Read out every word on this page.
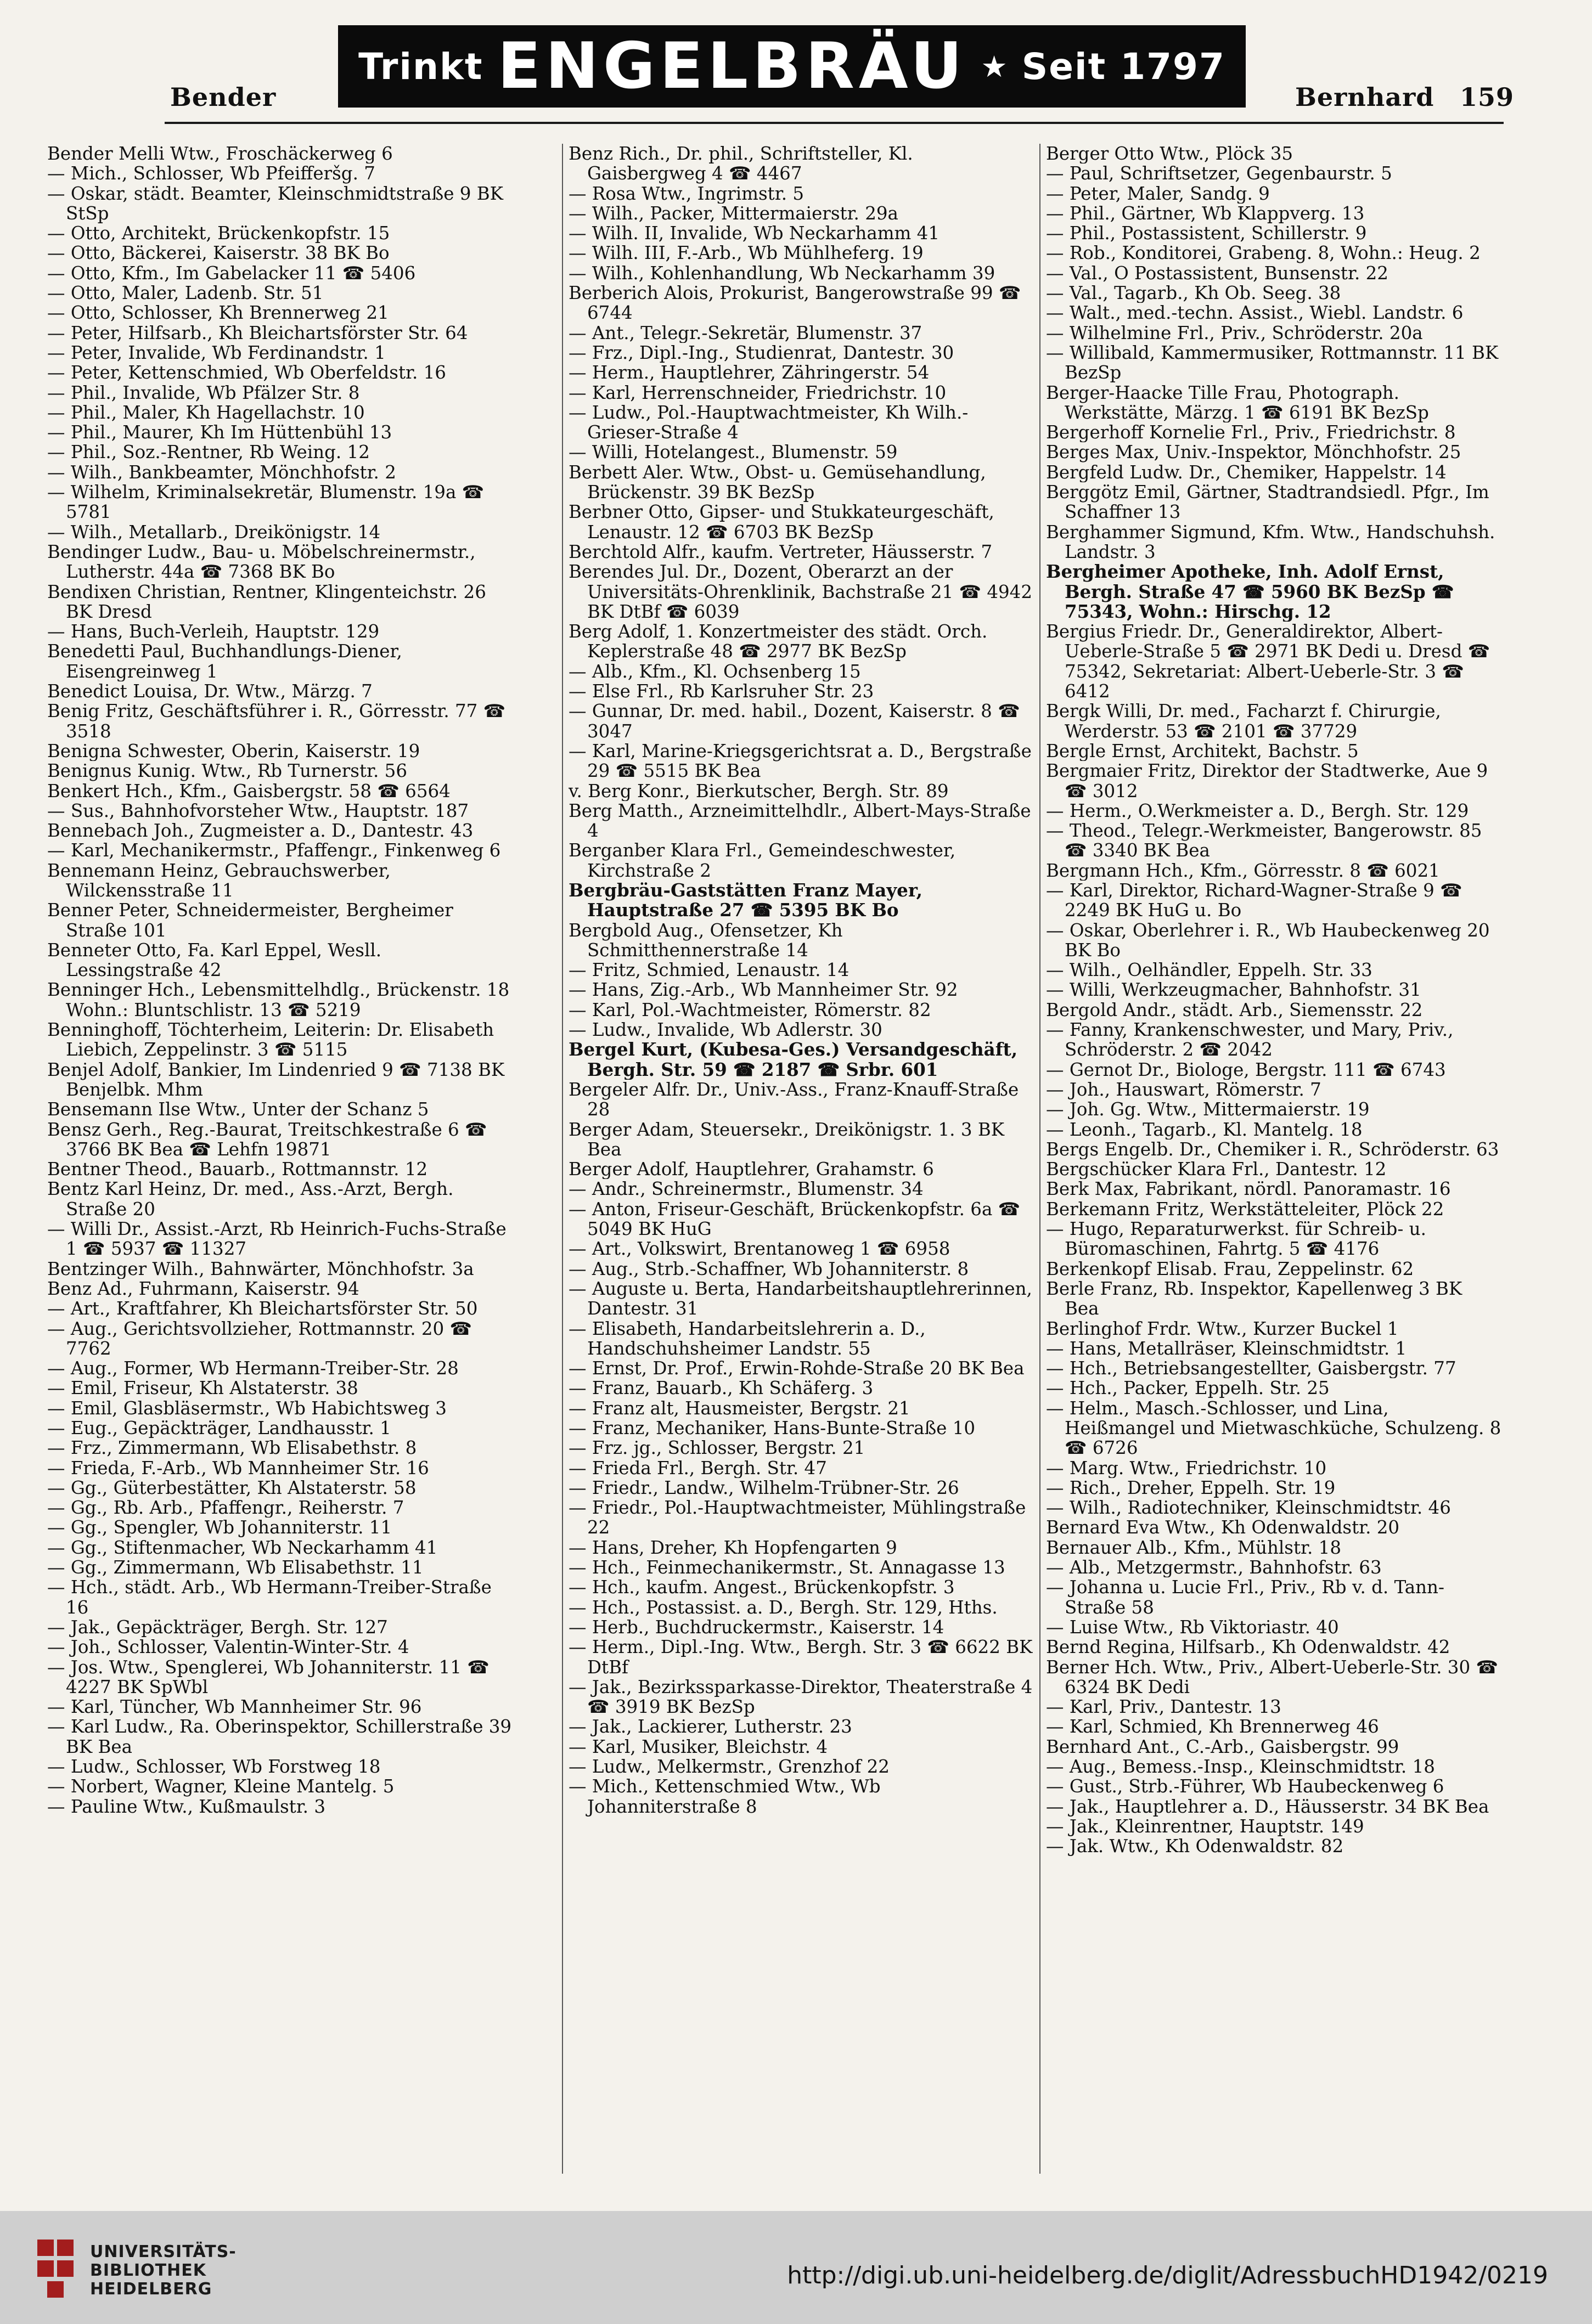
Bender
Trinkt ENGELBRÄU ★ Seit 1797
Bernhard 159

Bender Melli Wtw., Froschäckerweg 6

— Mich., Schlosser, Wb Pfeifferšg. 7

— Oskar, städt. Beamter, Kleinschmidtstraße 9 BK StSp

— Otto, Architekt, Brückenkopfstr. 15

— Otto, Bäckerei, Kaiserstr. 38 BK Bo

— Otto, Kfm., Im Gabelacker 11 ☎ 5406

— Otto, Maler, Ladenb. Str. 51

— Otto, Schlosser, Kh Brennerweg 21

— Peter, Hilfsarb., Kh Bleichartsförster Str. 64

— Peter, Invalide, Wb Ferdinandstr. 1

— Peter, Kettenschmied, Wb Oberfeldstr. 16

— Phil., Invalide, Wb Pfälzer Str. 8

— Phil., Maler, Kh Hagellachstr. 10

— Phil., Maurer, Kh Im Hüttenbühl 13

— Phil., Soz.-Rentner, Rb Weing. 12

— Wilh., Bankbeamter, Mönchhofstr. 2

— Wilhelm, Kriminalsekretär, Blumenstr. 19a ☎ 5781

— Wilh., Metallarb., Dreikönigstr. 14

Bendinger Ludw., Bau- u. Möbelschreinermstr., Lutherstr. 44a ☎ 7368 BK Bo

Bendixen Christian, Rentner, Klingenteichstr. 26 BK Dresd

— Hans, Buch-Verleih, Hauptstr. 129

Benedetti Paul, Buchhandlungs-Diener, Eisengreinweg 1

Benedict Louisa, Dr. Wtw., Märzg. 7

Benig Fritz, Geschäftsführer i. R., Görresstr. 77 ☎ 3518

Benigna Schwester, Oberin, Kaiserstr. 19

Benignus Kunig. Wtw., Rb Turnerstr. 56

Benkert Hch., Kfm., Gaisbergstr. 58 ☎ 6564

— Sus., Bahnhofvorsteher Wtw., Hauptstr. 187

Bennebach Joh., Zugmeister a. D., Dantestr. 43

— Karl, Mechanikermstr., Pfaffengr., Finkenweg 6

Bennemann Heinz, Gebrauchswerber, Wilckensstraße 11

Benner Peter, Schneidermeister, Bergheimer Straße 101

Benneter Otto, Fa. Karl Eppel, Wesll. Lessingstraße 42

Benninger Hch., Lebensmittelhdlg., Brückenstr. 18 Wohn.: Bluntschlistr. 13 ☎ 5219

Benninghoff, Töchterheim, Leiterin: Dr. Elisabeth Liebich, Zeppelinstr. 3 ☎ 5115

Benjel Adolf, Bankier, Im Lindenried 9 ☎ 7138 BK Benjelbk. Mhm

Bensemann Ilse Wtw., Unter der Schanz 5

Bensz Gerh., Reg.-Baurat, Treitschkestraße 6 ☎ 3766 BK Bea ☎ Lehfn 19871

Bentner Theod., Bauarb., Rottmannstr. 12

Bentz Karl Heinz, Dr. med., Ass.-Arzt, Bergh. Straße 20

— Willi Dr., Assist.-Arzt, Rb Heinrich-Fuchs-Straße 1 ☎ 5937 ☎ 11327

Bentzinger Wilh., Bahnwärter, Mönchhofstr. 3a

Benz Ad., Fuhrmann, Kaiserstr. 94

— Art., Kraftfahrer, Kh Bleichartsförster Str. 50

— Aug., Gerichtsvollzieher, Rottmannstr. 20 ☎ 7762

— Aug., Former, Wb Hermann-Treiber-Str. 28

— Emil, Friseur, Kh Alstaterstr. 38

— Emil, Glasbläsermstr., Wb Habichtsweg 3

— Eug., Gepäckträger, Landhausstr. 1

— Frz., Zimmermann, Wb Elisabethstr. 8

— Frieda, F.-Arb., Wb Mannheimer Str. 16

— Gg., Güterbestätter, Kh Alstaterstr. 58

— Gg., Rb. Arb., Pfaffengr., Reiherstr. 7

— Gg., Spengler, Wb Johanniterstr. 11

— Gg., Stiftenmacher, Wb Neckarhamm 41

— Gg., Zimmermann, Wb Elisabethstr. 11

— Hch., städt. Arb., Wb Hermann-Treiber-Straße 16

— Jak., Gepäckträger, Bergh. Str. 127

— Joh., Schlosser, Valentin-Winter-Str. 4

— Jos. Wtw., Spenglerei, Wb Johanniterstr. 11 ☎ 4227 BK SpWbl

— Karl, Tüncher, Wb Mannheimer Str. 96

— Karl Ludw., Ra. Oberinspektor, Schillerstraße 39 BK Bea

— Ludw., Schlosser, Wb Forstweg 18

— Norbert, Wagner, Kleine Mantelg. 5

— Pauline Wtw., Kußmaulstr. 3

Benz Rich., Dr. phil., Schriftsteller, Kl. Gaisbergweg 4 ☎ 4467

— Rosa Wtw., Ingrimstr. 5

— Wilh., Packer, Mittermaierstr. 29a

— Wilh. II, Invalide, Wb Neckarhamm 41

— Wilh. III, F.-Arb., Wb Mühlheferg. 19

— Wilh., Kohlenhandlung, Wb Neckarhamm 39

Berberich Alois, Prokurist, Bangerowstraße 99 ☎ 6744

— Ant., Telegr.-Sekretär, Blumenstr. 37

— Frz., Dipl.-Ing., Studienrat, Dantestr. 30

— Herm., Hauptlehrer, Zähringerstr. 54

— Karl, Herrenschneider, Friedrichstr. 10

— Ludw., Pol.-Hauptwachtmeister, Kh Wilh.-Grieser-Straße 4

— Willi, Hotelangest., Blumenstr. 59

Berbett Aler. Wtw., Obst- u. Gemüsehandlung, Brückenstr. 39 BK BezSp

Berbner Otto, Gipser- und Stukkateurgeschäft, Lenaustr. 12 ☎ 6703 BK BezSp

Berchtold Alfr., kaufm. Vertreter, Häusserstr. 7

Berendes Jul. Dr., Dozent, Oberarzt an der Universitäts-Ohrenklinik, Bachstraße 21 ☎ 4942 BK DtBf ☎ 6039

Berg Adolf, 1. Konzertmeister des städt. Orch. Keplerstraße 48 ☎ 2977 BK BezSp

— Alb., Kfm., Kl. Ochsenberg 15

— Else Frl., Rb Karlsruher Str. 23

— Gunnar, Dr. med. habil., Dozent, Kaiserstr. 8 ☎ 3047

— Karl, Marine-Kriegsgerichtsrat a. D., Bergstraße 29 ☎ 5515 BK Bea

v. Berg Konr., Bierkutscher, Bergh. Str. 89

Berg Matth., Arzneimittelhdlr., Albert-Mays-Straße 4

Berganber Klara Frl., Gemeindeschwester, Kirchstraße 2

Bergbräu-Gaststätten Franz Mayer, Hauptstraße 27 ☎ 5395 BK Bo

Bergbold Aug., Ofensetzer, Kh Schmitthennerstraße 14

— Fritz, Schmied, Lenaustr. 14

— Hans, Zig.-Arb., Wb Mannheimer Str. 92

— Karl, Pol.-Wachtmeister, Römerstr. 82

— Ludw., Invalide, Wb Adlerstr. 30

Bergel Kurt, (Kubesa-Ges.) Versandgeschäft, Bergh. Str. 59 ☎ 2187 ☎ Srbr. 601

Bergeler Alfr. Dr., Univ.-Ass., Franz-Knauff-Straße 28

Berger Adam, Steuersekr., Dreikönigstr. 1. 3 BK Bea

Berger Adolf, Hauptlehrer, Grahamstr. 6

— Andr., Schreinermstr., Blumenstr. 34

— Anton, Friseur-Geschäft, Brückenkopfstr. 6a ☎ 5049 BK HuG

— Art., Volkswirt, Brentanoweg 1 ☎ 6958

— Aug., Strb.-Schaffner, Wb Johanniterstr. 8

— Auguste u. Berta, Handarbeitshauptlehrerinnen, Dantestr. 31

— Elisabeth, Handarbeitslehrerin a. D., Handschuhsheimer Landstr. 55

— Ernst, Dr. Prof., Erwin-Rohde-Straße 20 BK Bea

— Franz, Bauarb., Kh Schäferg. 3

— Franz alt, Hausmeister, Bergstr. 21

— Franz, Mechaniker, Hans-Bunte-Straße 10

— Frz. jg., Schlosser, Bergstr. 21

— Frieda Frl., Bergh. Str. 47

— Friedr., Landw., Wilhelm-Trübner-Str. 26

— Friedr., Pol.-Hauptwachtmeister, Mühlingstraße 22

— Hans, Dreher, Kh Hopfengarten 9

— Hch., Feinmechanikermstr., St. Annagasse 13

— Hch., kaufm. Angest., Brückenkopfstr. 3

— Hch., Postassist. a. D., Bergh. Str. 129, Hths.

— Herb., Buchdruckermstr., Kaiserstr. 14

— Herm., Dipl.-Ing. Wtw., Bergh. Str. 3 ☎ 6622 BK DtBf

— Jak., Bezirkssparkasse-Direktor, Theaterstraße 4 ☎ 3919 BK BezSp

— Jak., Lackierer, Lutherstr. 23

— Karl, Musiker, Bleichstr. 4

— Ludw., Melkermstr., Grenzhof 22

— Mich., Kettenschmied Wtw., Wb Johanniterstraße 8

Berger Otto Wtw., Plöck 35

— Paul, Schriftsetzer, Gegenbaurstr. 5

— Peter, Maler, Sandg. 9

— Phil., Gärtner, Wb Klappverg. 13

— Phil., Postassistent, Schillerstr. 9

— Rob., Konditorei, Grabeng. 8, Wohn.: Heug. 2

— Val., O Postassistent, Bunsenstr. 22

— Val., Tagarb., Kh Ob. Seeg. 38

— Walt., med.-techn. Assist., Wiebl. Landstr. 6

— Wilhelmine Frl., Priv., Schröderstr. 20a

— Willibald, Kammermusiker, Rottmannstr. 11 BK BezSp

Berger-Haacke Tille Frau, Photograph. Werkstätte, Märzg. 1 ☎ 6191 BK BezSp

Bergerhoff Kornelie Frl., Priv., Friedrichstr. 8

Berges Max, Univ.-Inspektor, Mönchhofstr. 25

Bergfeld Ludw. Dr., Chemiker, Happelstr. 14

Berggötz Emil, Gärtner, Stadtrandsiedl. Pfgr., Im Schaffner 13

Berghammer Sigmund, Kfm. Wtw., Handschuhsh. Landstr. 3

Bergheimer Apotheke, Inh. Adolf Ernst, Bergh. Straße 47 ☎ 5960 BK BezSp ☎ 75343, Wohn.: Hirschg. 12

Bergius Friedr. Dr., Generaldirektor, Albert-Ueberle-Straße 5 ☎ 2971 BK Dedi u. Dresd ☎ 75342, Sekretariat: Albert-Ueberle-Str. 3 ☎ 6412

Bergk Willi, Dr. med., Facharzt f. Chirurgie, Werderstr. 53 ☎ 2101 ☎ 37729

Bergle Ernst, Architekt, Bachstr. 5

Bergmaier Fritz, Direktor der Stadtwerke, Aue 9 ☎ 3012

— Herm., O.Werkmeister a. D., Bergh. Str. 129

— Theod., Telegr.-Werkmeister, Bangerowstr. 85 ☎ 3340 BK Bea

Bergmann Hch., Kfm., Görresstr. 8 ☎ 6021

— Karl, Direktor, Richard-Wagner-Straße 9 ☎ 2249 BK HuG u. Bo

— Oskar, Oberlehrer i. R., Wb Haubeckenweg 20 BK Bo

— Wilh., Oelhändler, Eppelh. Str. 33

— Willi, Werkzeugmacher, Bahnhofstr. 31

Bergold Andr., städt. Arb., Siemensstr. 22

— Fanny, Krankenschwester, und Mary, Priv., Schröderstr. 2 ☎ 2042

— Gernot Dr., Biologe, Bergstr. 111 ☎ 6743

— Joh., Hauswart, Römerstr. 7

— Joh. Gg. Wtw., Mittermaierstr. 19

— Leonh., Tagarb., Kl. Mantelg. 18

Bergs Engelb. Dr., Chemiker i. R., Schröderstr. 63

Bergschücker Klara Frl., Dantestr. 12

Berk Max, Fabrikant, nördl. Panoramastr. 16

Berkemann Fritz, Werkstätteleiter, Plöck 22

— Hugo, Reparaturwerkst. für Schreib- u. Büromaschinen, Fahrtg. 5 ☎ 4176

Berkenkopf Elisab. Frau, Zeppelinstr. 62

Berle Franz, Rb. Inspektor, Kapellenweg 3 BK Bea

Berlinghof Frdr. Wtw., Kurzer Buckel 1

— Hans, Metallräser, Kleinschmidtstr. 1

— Hch., Betriebsangestellter, Gaisbergstr. 77

— Hch., Packer, Eppelh. Str. 25

— Helm., Masch.-Schlosser, und Lina, Heißmangel und Mietwaschküche, Schulzeng. 8 ☎ 6726

— Marg. Wtw., Friedrichstr. 10

— Rich., Dreher, Eppelh. Str. 19

— Wilh., Radiotechniker, Kleinschmidtstr. 46

Bernard Eva Wtw., Kh Odenwaldstr. 20

Bernauer Alb., Kfm., Mühlstr. 18

— Alb., Metzgermstr., Bahnhofstr. 63

— Johanna u. Lucie Frl., Priv., Rb v. d. Tann-Straße 58

— Luise Wtw., Rb Viktoriastr. 40

Bernd Regina, Hilfsarb., Kh Odenwaldstr. 42

Berner Hch. Wtw., Priv., Albert-Ueberle-Str. 30 ☎ 6324 BK Dedi

— Karl, Priv., Dantestr. 13

— Karl, Schmied, Kh Brennerweg 46

Bernhard Ant., C.-Arb., Gaisbergstr. 99

— Aug., Bemess.-Insp., Kleinschmidtstr. 18

— Gust., Strb.-Führer, Wb Haubeckenweg 6

— Jak., Hauptlehrer a. D., Häusserstr. 34 BK Bea

— Jak., Kleinrentner, Hauptstr. 149

— Jak. Wtw., Kh Odenwaldstr. 82

UNIVERSITÄTS-
BIBLIOTHEK
HEIDELBERG	http://digi.ub.uni-heidelberg.de/diglit/AdressbuchHD1942/0219
